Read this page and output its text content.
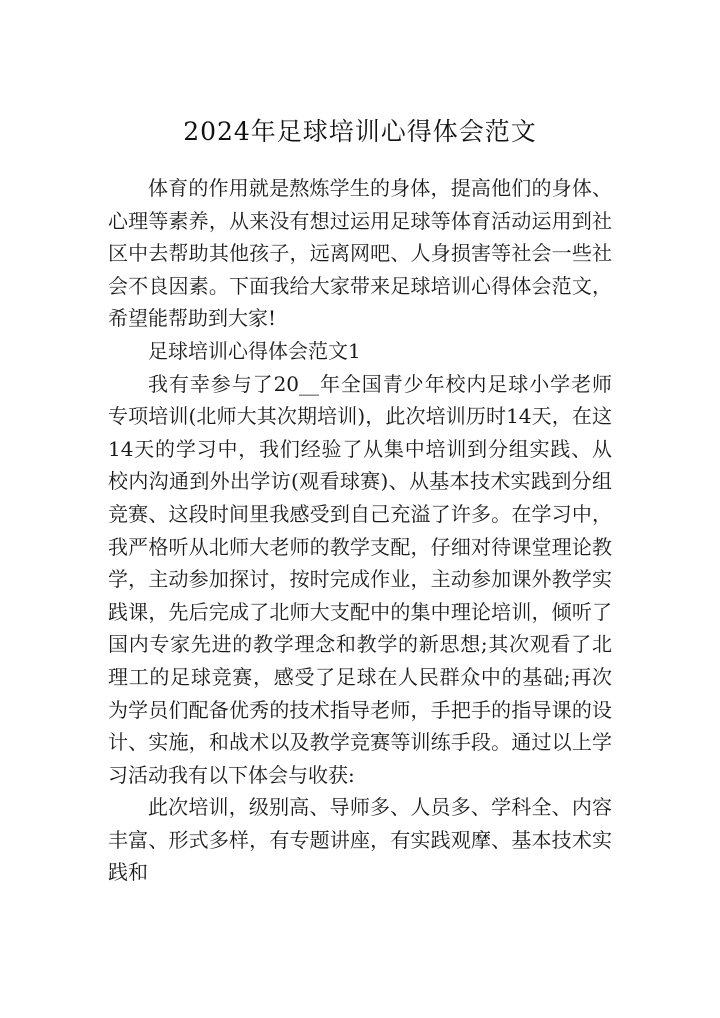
2024年足球培训心得体会范文

体育的作用就是熬炼学生的身体，提高他们的身体、心理等素养，从来没有想过运用足球等体育活动运用到社区中去帮助其他孩子，远离网吧、人身损害等社会一些社会不良因素。下面我给大家带来足球培训心得体会范文，希望能帮助到大家!

足球培训心得体会范文1

我有幸参与了20__年全国青少年校内足球小学老师专项培训(北师大其次期培训)，此次培训历时14天，在这14天的学习中，我们经验了从集中培训到分组实践、从校内沟通到外出学访(观看球赛)、从基本技术实践到分组竞赛、这段时间里我感受到自己充溢了许多。在学习中，我严格听从北师大老师的教学支配，仔细对待课堂理论教学，主动参加探讨，按时完成作业，主动参加课外教学实践课，先后完成了北师大支配中的集中理论培训，倾听了国内专家先进的教学理念和教学的新思想;其次观看了北理工的足球竞赛，感受了足球在人民群众中的基础;再次为学员们配备优秀的技术指导老师，手把手的指导课的设计、实施，和战术以及教学竞赛等训练手段。通过以上学习活动我有以下体会与收获:

此次培训，级别高、导师多、人员多、学科全、内容丰富、形式多样，有专题讲座，有实践观摩、基本技术实践和
